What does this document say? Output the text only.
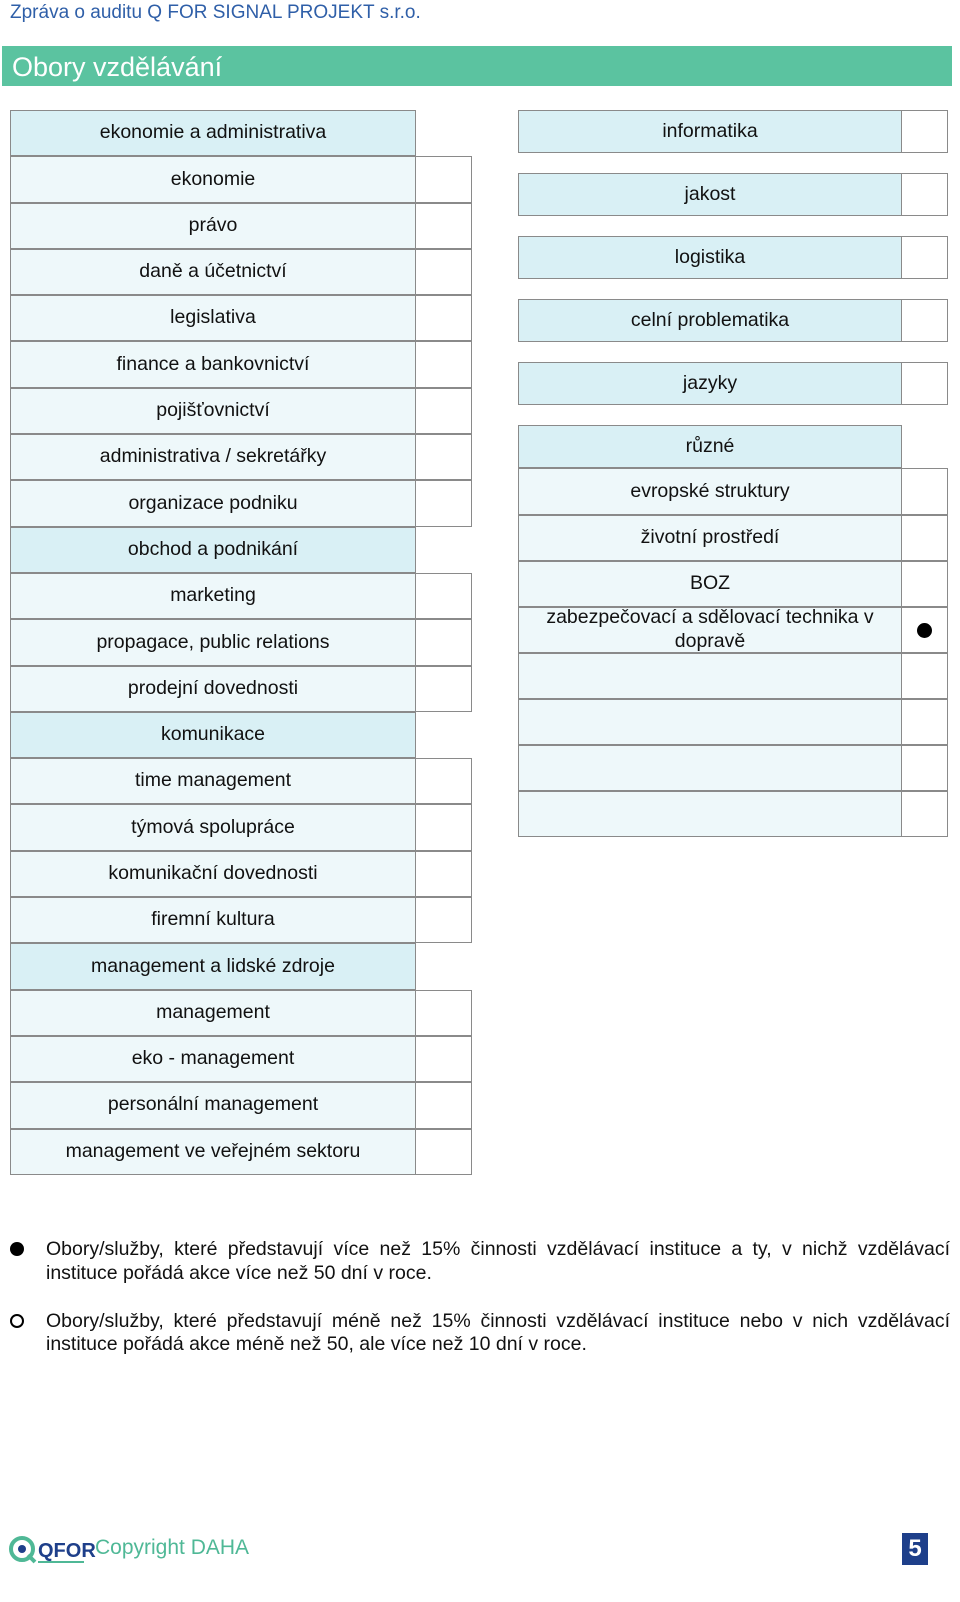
Zpráva o auditu Q FOR SIGNAL PROJEKT s.r.o.
Obory vzdělávání
ekonomie a administrativa
ekonomie
právo
daně a účetnictví
legislativa
finance a bankovnictví
pojišťovnictví
administrativa / sekretářky
organizace podniku
obchod a podnikání
marketing
propagace, public relations
prodejní dovednosti
komunikace
time management
týmová spolupráce
komunikační dovednosti
firemní kultura
management a lidské zdroje
management
eko - management
personální management
management ve veřejném sektoru
informatika
jakost
logistika
celní problematika
jazyky
různé
evropské struktury
životní prostředí
BOZ
zabezpečovací a sdělovací technika v dopravě
Obory/služby, které představují více než 15% činnosti vzdělávací instituce a ty, v nichž vzdělávací instituce pořádá akce více než 50 dní v roce.
Obory/služby, které představují méně než 15% činnosti vzdělávací instituce nebo v nich vzdělávací instituce pořádá akce méně než 50, ale více než 10 dní v roce.
QFOR Copyright DAHA	5
